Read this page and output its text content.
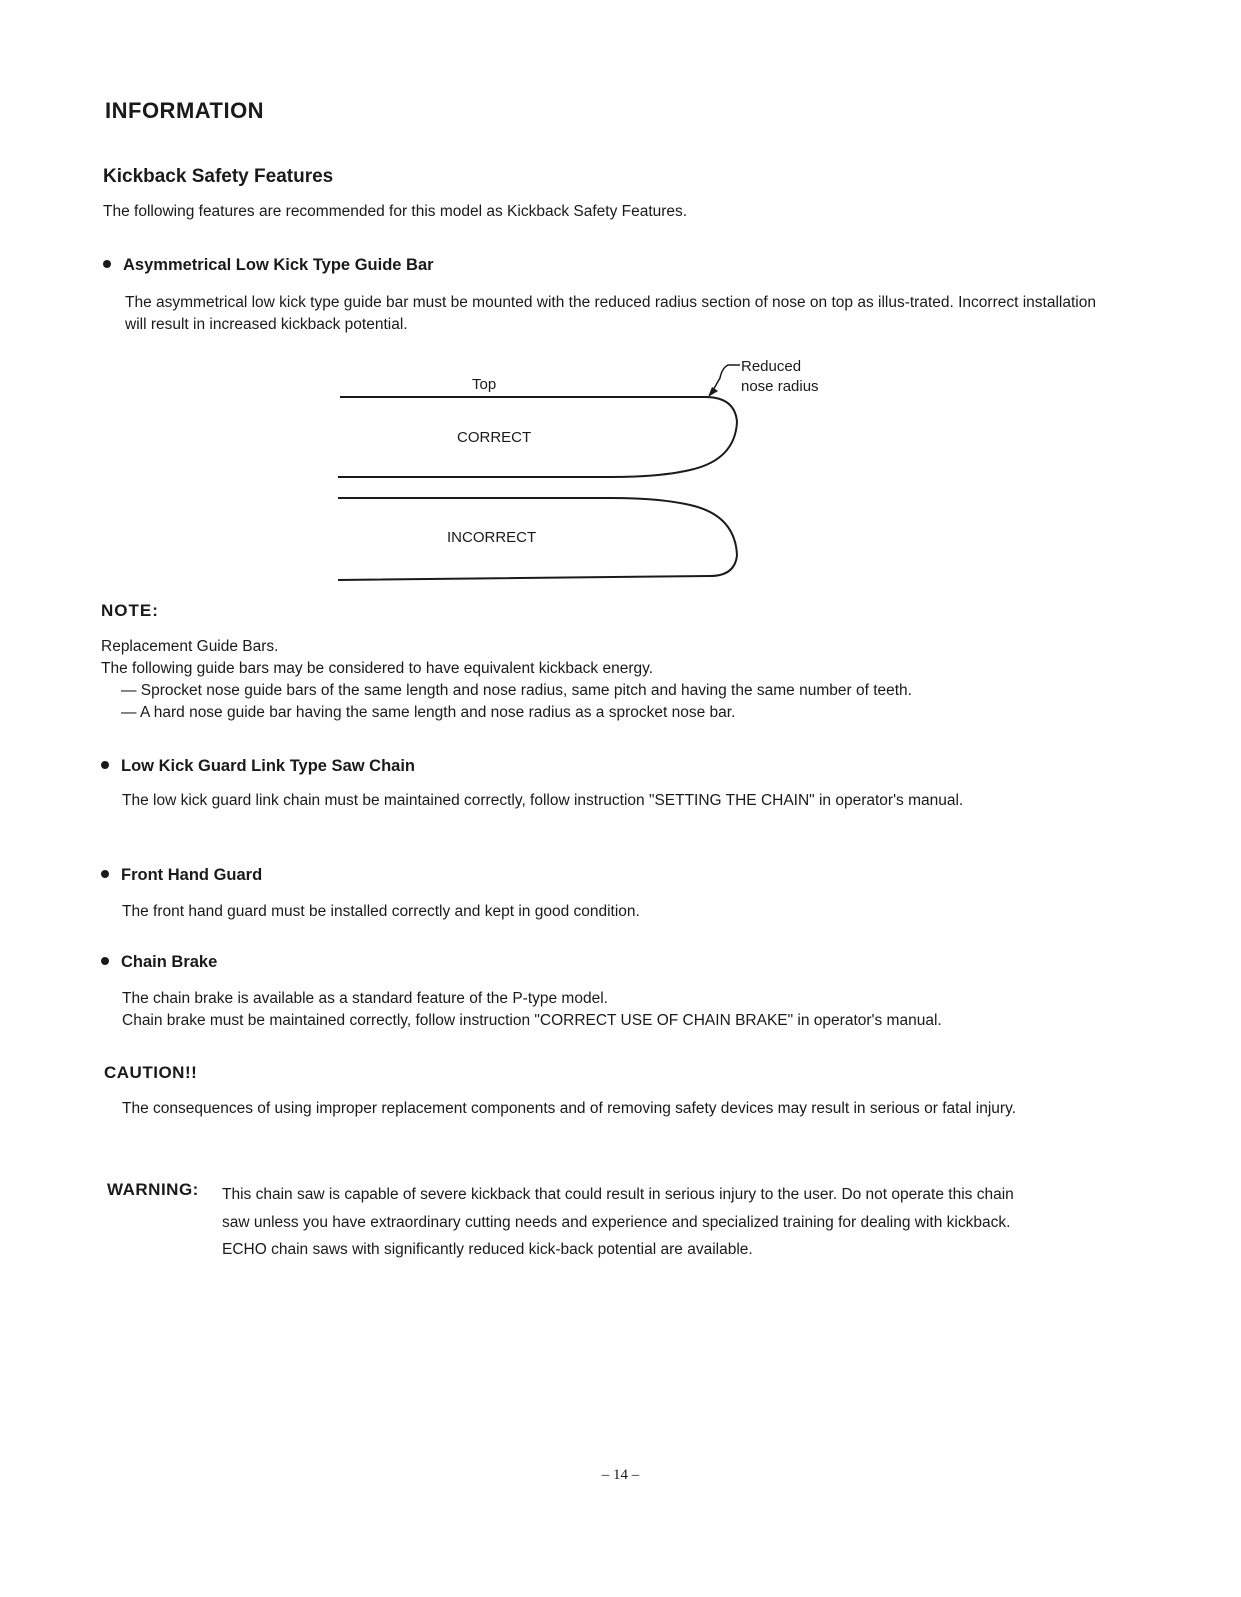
INFORMATION
Kickback Safety Features
The following features are recommended for this model as Kickback Safety Features.
Asymmetrical Low Kick Type Guide Bar
The asymmetrical low kick type guide bar must be mounted with the reduced radius section of nose on top as illus-trated. Incorrect installation will result in increased kickback potential.
Top
Reduced
nose radius
CORRECT
INCORRECT
NOTE:
Replacement Guide Bars.
The following guide bars may be considered to have equivalent kickback energy.
— Sprocket nose guide bars of the same length and nose radius, same pitch and having the same number of teeth.
— A hard nose guide bar having the same length and nose radius as a sprocket nose bar.
Low Kick Guard Link Type Saw Chain
The low kick guard link chain must be maintained correctly, follow instruction "SETTING THE CHAIN" in operator's manual.
Front Hand Guard
The front hand guard must be installed correctly and kept in good condition.
Chain Brake
The chain brake is available as a standard feature of the P-type model.
Chain brake must be maintained correctly, follow instruction "CORRECT USE OF CHAIN BRAKE" in operator's manual.
CAUTION!!
The consequences of using improper replacement components and of removing safety devices may result in serious or fatal injury.
WARNING: This chain saw is capable of severe kickback that could result in serious injury to the user. Do not operate this chain saw unless you have extraordinary cutting needs and experience and specialized training for dealing with kickback. ECHO chain saws with significantly reduced kick-back potential are available.
– 14 –
